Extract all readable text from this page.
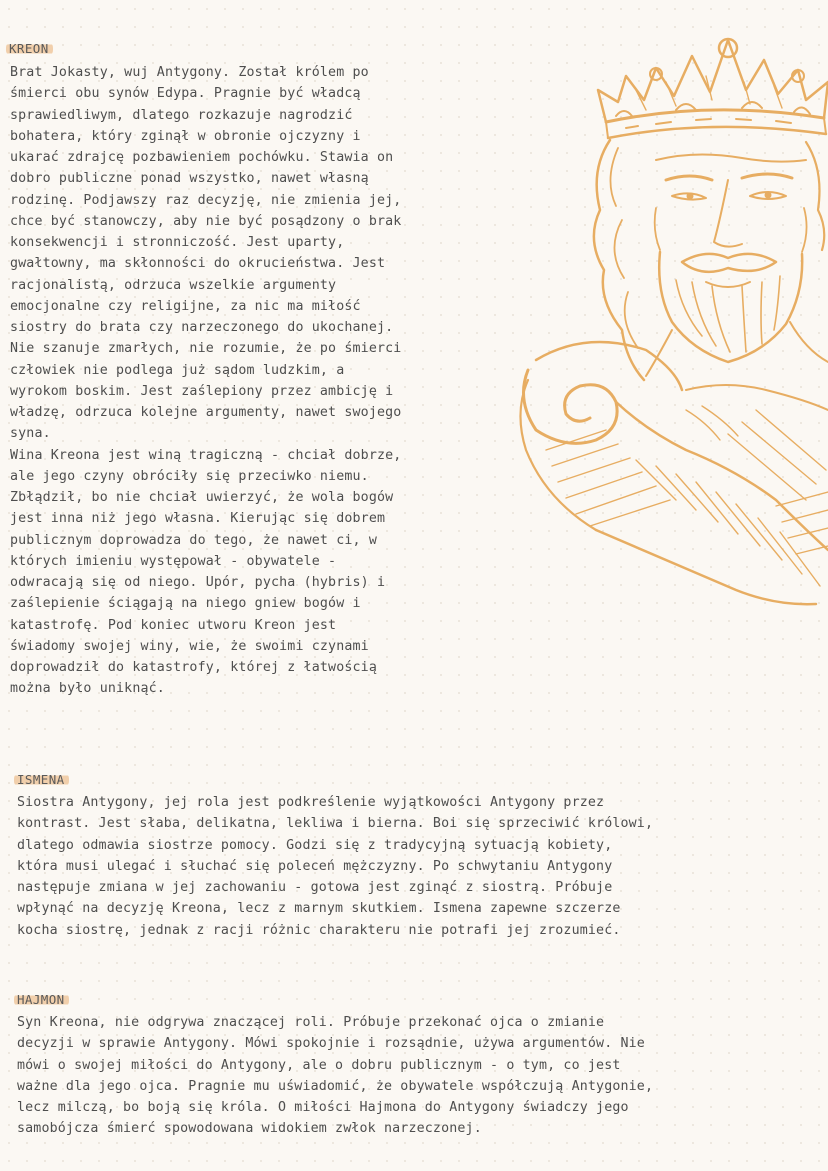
KREON

Brat Jokasty, wuj Antygony. Został królem po
śmierci obu synów Edypa. Pragnie być władcą
sprawiedliwym, dlatego rozkazuje nagrodzić
bohatera, który zginął w obronie ojczyzny i
ukarać zdrajcę pozbawieniem pochówku. Stawia on
dobro publiczne ponad wszystko, nawet własną
rodzinę. Podjawszy raz decyzję, nie zmienia jej,
chce być stanowczy, aby nie być posądzony o brak
konsekwencji i stronniczość. Jest uparty,
gwałtowny, ma skłonności do okrucieństwa. Jest
racjonalistą, odrzuca wszelkie argumenty
emocjonalne czy religijne, za nic ma miłość
siostry do brata czy narzeczonego do ukochanej.
Nie szanuje zmarłych, nie rozumie, że po śmierci
człowiek nie podlega już sądom ludzkim, a
wyrokom boskim. Jest zaślepiony przez ambicję i
władzę, odrzuca kolejne argumenty, nawet swojego
syna.
Wina Kreona jest winą tragiczną - chciał dobrze,
ale jego czyny obróciły się przeciwko niemu.
Zbłądził, bo nie chciał uwierzyć, że wola bogów
jest inna niż jego własna. Kierując się dobrem
publicznym doprowadza do tego, że nawet ci, w
których imieniu występował - obywatele -
odwracają się od niego. Upór, pycha (hybris) i
zaślepienie ściągają na niego gniew bogów i
katastrofę. Pod koniec utworu Kreon jest
świadomy swojej winy, wie, że swoimi czynami
doprowadził do katastrofy, której z łatwością
można było uniknąć.

ISMENA

Siostra Antygony, jej rola jest podkreślenie wyjątkowości Antygony przez
kontrast. Jest słaba, delikatna, lekliwa i bierna. Boi się sprzeciwić królowi,
dlatego odmawia siostrze pomocy. Godzi się z tradycyjną sytuacją kobiety,
która musi ulegać i słuchać się poleceń mężczyzny. Po schwytaniu Antygony
następuje zmiana w jej zachowaniu - gotowa jest zginąć z siostrą. Próbuje
wpłynąć na decyzję Kreona, lecz z marnym skutkiem. Ismena zapewne szczerze
kocha siostrę, jednak z racji różnic charakteru nie potrafi jej zrozumieć.

HAJMON

Syn Kreona, nie odgrywa znaczącej roli. Próbuje przekonać ojca o zmianie
decyzji w sprawie Antygony. Mówi spokojnie i rozsądnie, używa argumentów. Nie
mówi o swojej miłości do Antygony, ale o dobru publicznym - o tym, co jest
ważne dla jego ojca. Pragnie mu uświadomić, że obywatele współczują Antygonie,
lecz milczą, bo boją się króla. O miłości Hajmona do Antygony świadczy jego
samobójcza śmierć spowodowana widokiem zwłok narzeczonej.
